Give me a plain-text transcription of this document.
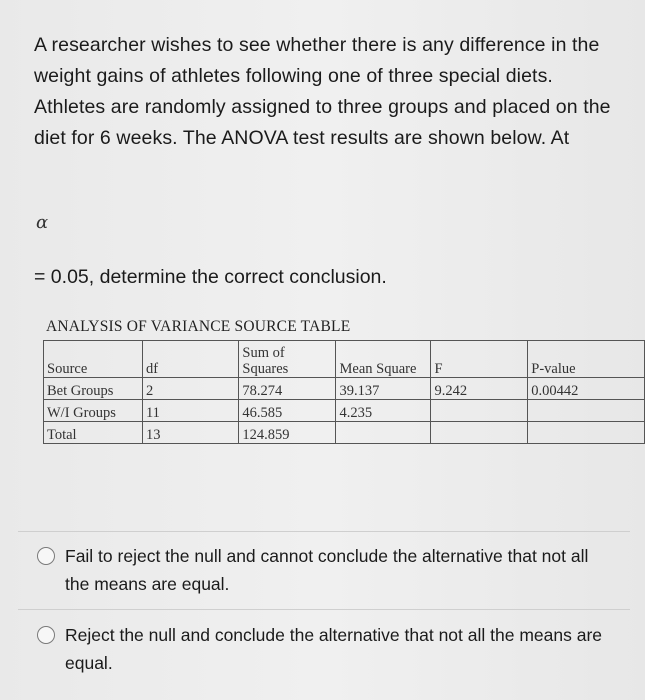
A researcher wishes to see whether there is any difference in the weight gains of athletes following one of three special diets. Athletes are randomly assigned to three groups and placed on the diet for 6 weeks. The ANOVA test results are shown below. At
α
= 0.05, determine the correct conclusion.
ANALYSIS OF VARIANCE SOURCE TABLE
Source	df	Sum of
Squares	Mean Square	F	P-value
Bet Groups	2	78.274	39.137	9.242	0.00442
W/I Groups	11	46.585	4.235		
Total	13	124.859			
Fail to reject the null and cannot conclude the alternative that not all the means are equal.
Reject the null and conclude the alternative that not all the means are equal.
